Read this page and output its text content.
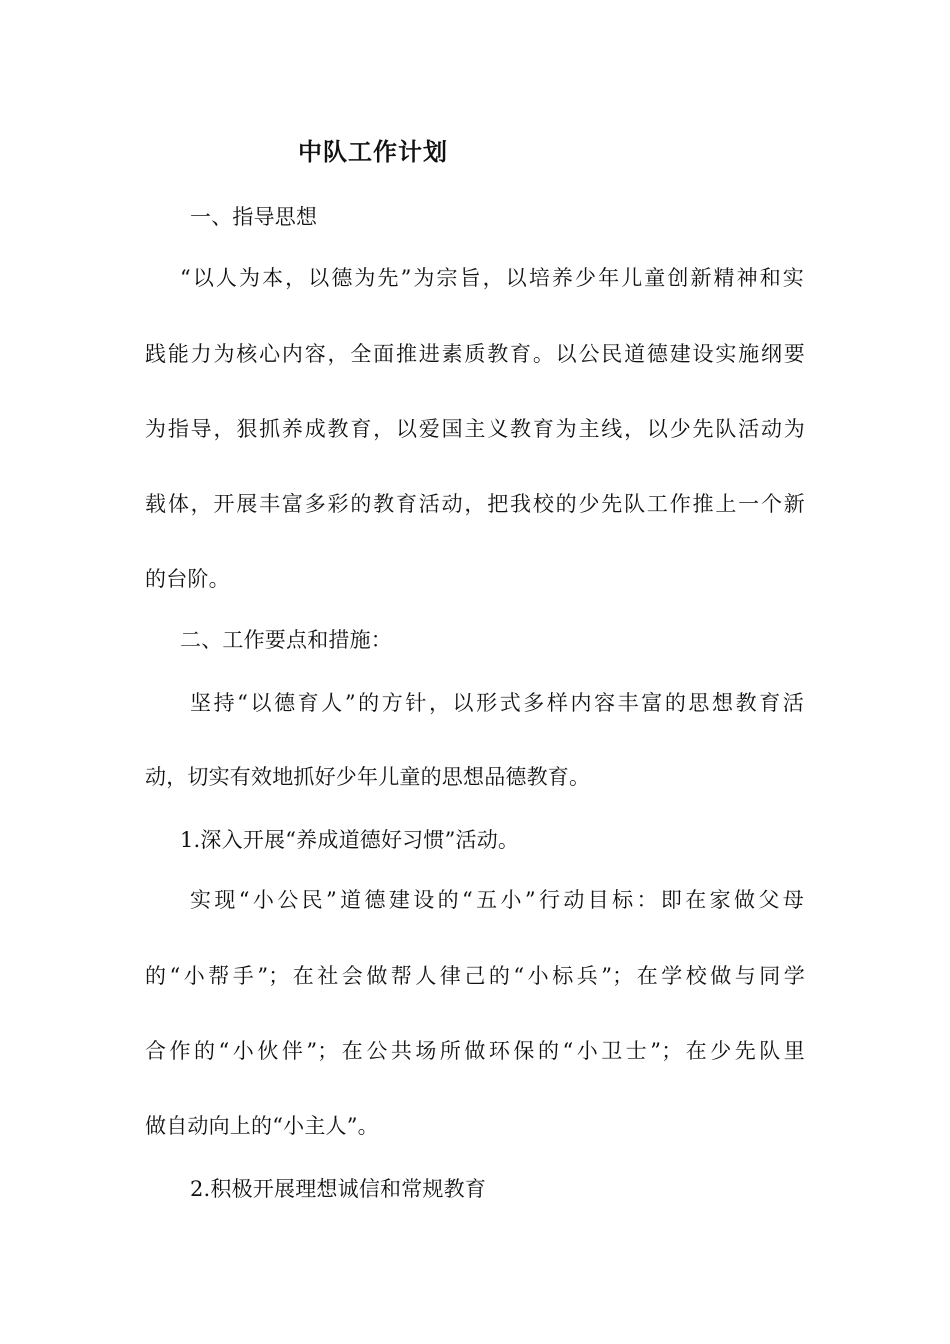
中队工作计划
一、指导思想
“以人为本，以德为先”为宗旨，以培养少年儿童创新精神和实
践能力为核心内容，全面推进素质教育。以公民道德建设实施纲要
为指导，狠抓养成教育，以爱国主义教育为主线，以少先队活动为
载体，开展丰富多彩的教育活动，把我校的少先队工作推上一个新
的台阶。
二、工作要点和措施：
坚持“以德育人”的方针，以形式多样内容丰富的思想教育活
动，切实有效地抓好少年儿童的思想品德教育。
1.深入开展“养成道德好习惯”活动。
实现“小公民”道德建设的“五小”行动目标：即在家做父母
的“小帮手”；在社会做帮人律己的“小标兵”；在学校做与同学
合作的“小伙伴”；在公共场所做环保的“小卫士”；在少先队里
做自动向上的“小主人”。
2.积极开展理想诚信和常规教育
